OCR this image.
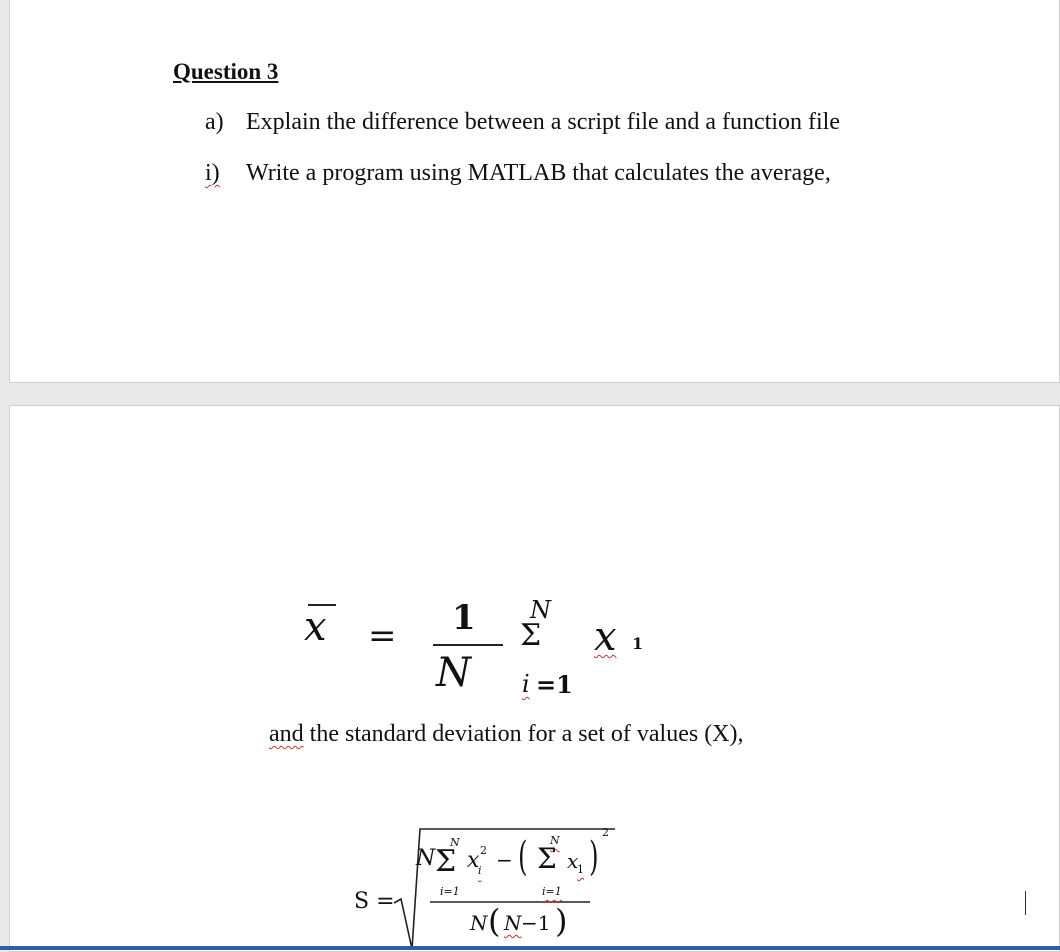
Question 3
a) Explain the difference between a script file and a function file
i) Write a program using MATLAB that calculates the average,
x = 1
N
N
Σ
i =1
x 1
and the standard deviation for a set of values (X),
S =
N
N
Σ
i=1
x
i
2 − ( N
Σ
i=1
x
1 )
2
N ( N −1 )
